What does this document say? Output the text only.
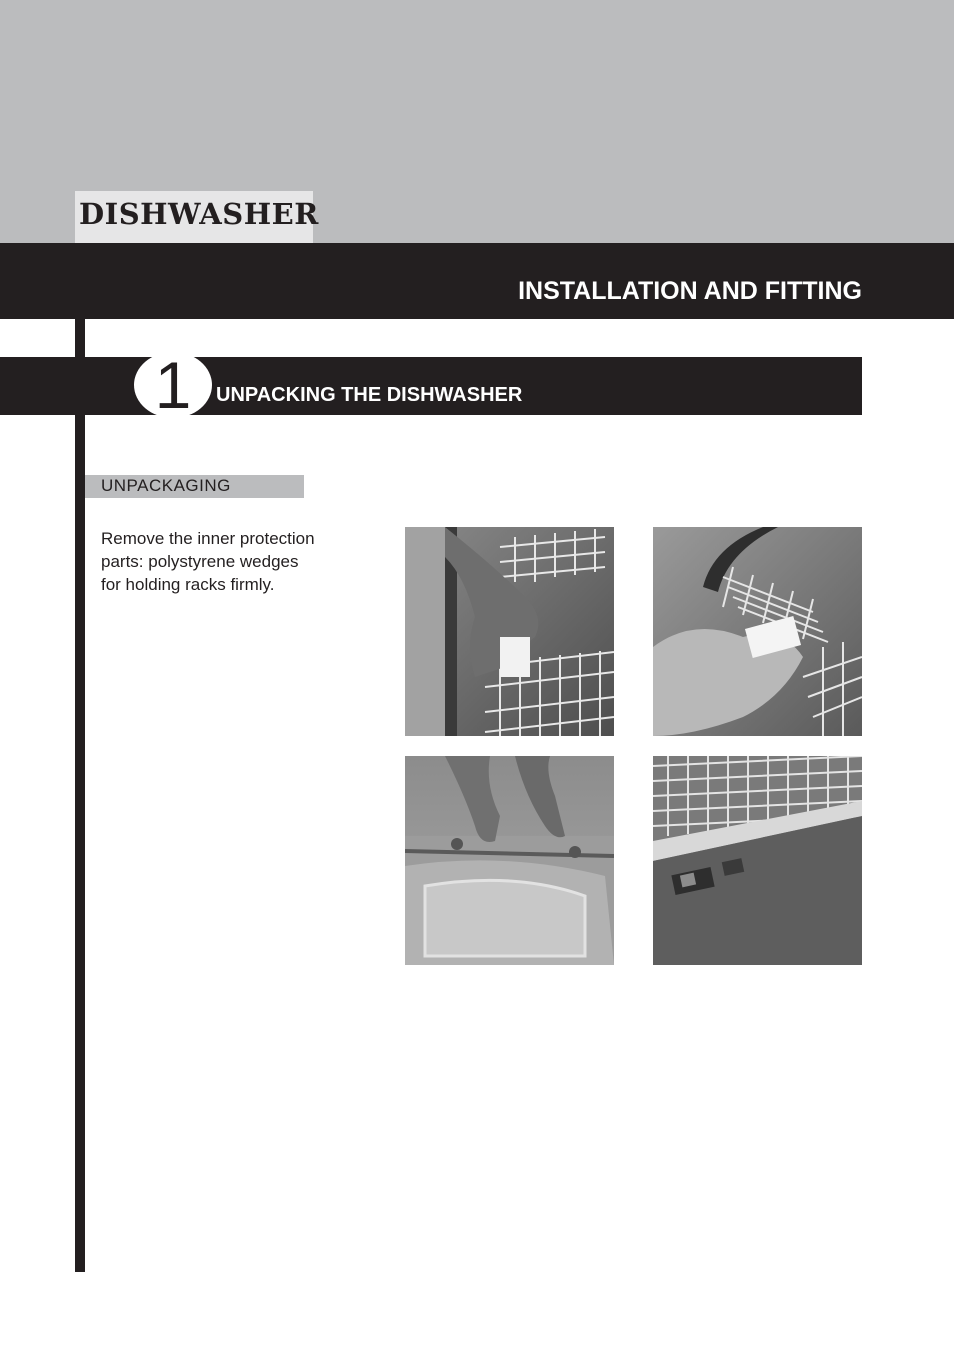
DISHWASHER
INSTALLATION AND FITTING
1	UNPACKING THE DISHWASHER
UNPACKAGING
Remove the inner protection parts: polystyrene wedges for holding racks firmly.
